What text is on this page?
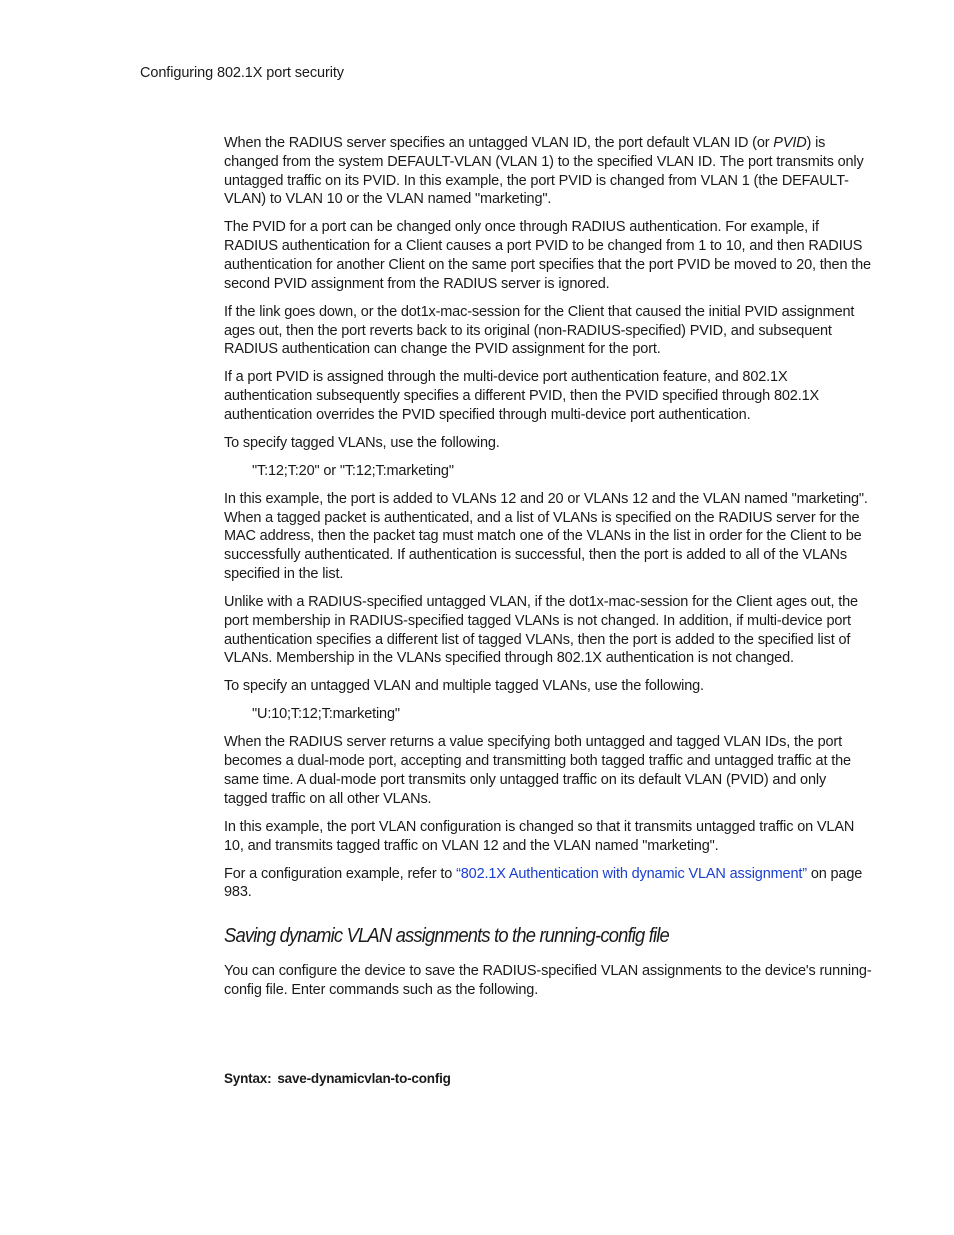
Configuring 802.1X port security

When the RADIUS server specifies an untagged VLAN ID, the port default VLAN ID (or PVID) is changed from the system DEFAULT-VLAN (VLAN 1) to the specified VLAN ID. The port transmits only untagged traffic on its PVID. In this example, the port PVID is changed from VLAN 1 (the DEFAULT-VLAN) to VLAN 10 or the VLAN named "marketing".

The PVID for a port can be changed only once through RADIUS authentication. For example, if RADIUS authentication for a Client causes a port PVID to be changed from 1 to 10, and then RADIUS authentication for another Client on the same port specifies that the port PVID be moved to 20, then the second PVID assignment from the RADIUS server is ignored.

If the link goes down, or the dot1x-mac-session for the Client that caused the initial PVID assignment ages out, then the port reverts back to its original (non-RADIUS-specified) PVID, and subsequent RADIUS authentication can change the PVID assignment for the port.

If a port PVID is assigned through the multi-device port authentication feature, and 802.1X authentication subsequently specifies a different PVID, then the PVID specified through 802.1X authentication overrides the PVID specified through multi-device port authentication.

To specify tagged VLANs, use the following.

"T:12;T:20" or "T:12;T:marketing"

In this example, the port is added to VLANs 12 and 20 or VLANs 12 and the VLAN named "marketing". When a tagged packet is authenticated, and a list of VLANs is specified on the RADIUS server for the MAC address, then the packet tag must match one of the VLANs in the list in order for the Client to be successfully authenticated. If authentication is successful, then the port is added to all of the VLANs specified in the list.

Unlike with a RADIUS-specified untagged VLAN, if the dot1x-mac-session for the Client ages out, the port membership in RADIUS-specified tagged VLANs is not changed. In addition, if multi-device port authentication specifies a different list of tagged VLANs, then the port is added to the specified list of VLANs. Membership in the VLANs specified through 802.1X authentication is not changed.

To specify an untagged VLAN and multiple tagged VLANs, use the following.

"U:10;T:12;T:marketing"

When the RADIUS server returns a value specifying both untagged and tagged VLAN IDs, the port becomes a dual-mode port, accepting and transmitting both tagged traffic and untagged traffic at the same time. A dual-mode port transmits only untagged traffic on its default VLAN (PVID) and only tagged traffic on all other VLANs.

In this example, the port VLAN configuration is changed so that it transmits untagged traffic on VLAN 10, and transmits tagged traffic on VLAN 12 and the VLAN named "marketing".

For a configuration example, refer to “802.1X Authentication with dynamic VLAN assignment” on page 983.

Saving dynamic VLAN assignments to the running-config file

You can configure the device to save the RADIUS-specified VLAN assignments to the device's running-config file. Enter commands such as the following.

Syntax: save-dynamicvlan-to-config
